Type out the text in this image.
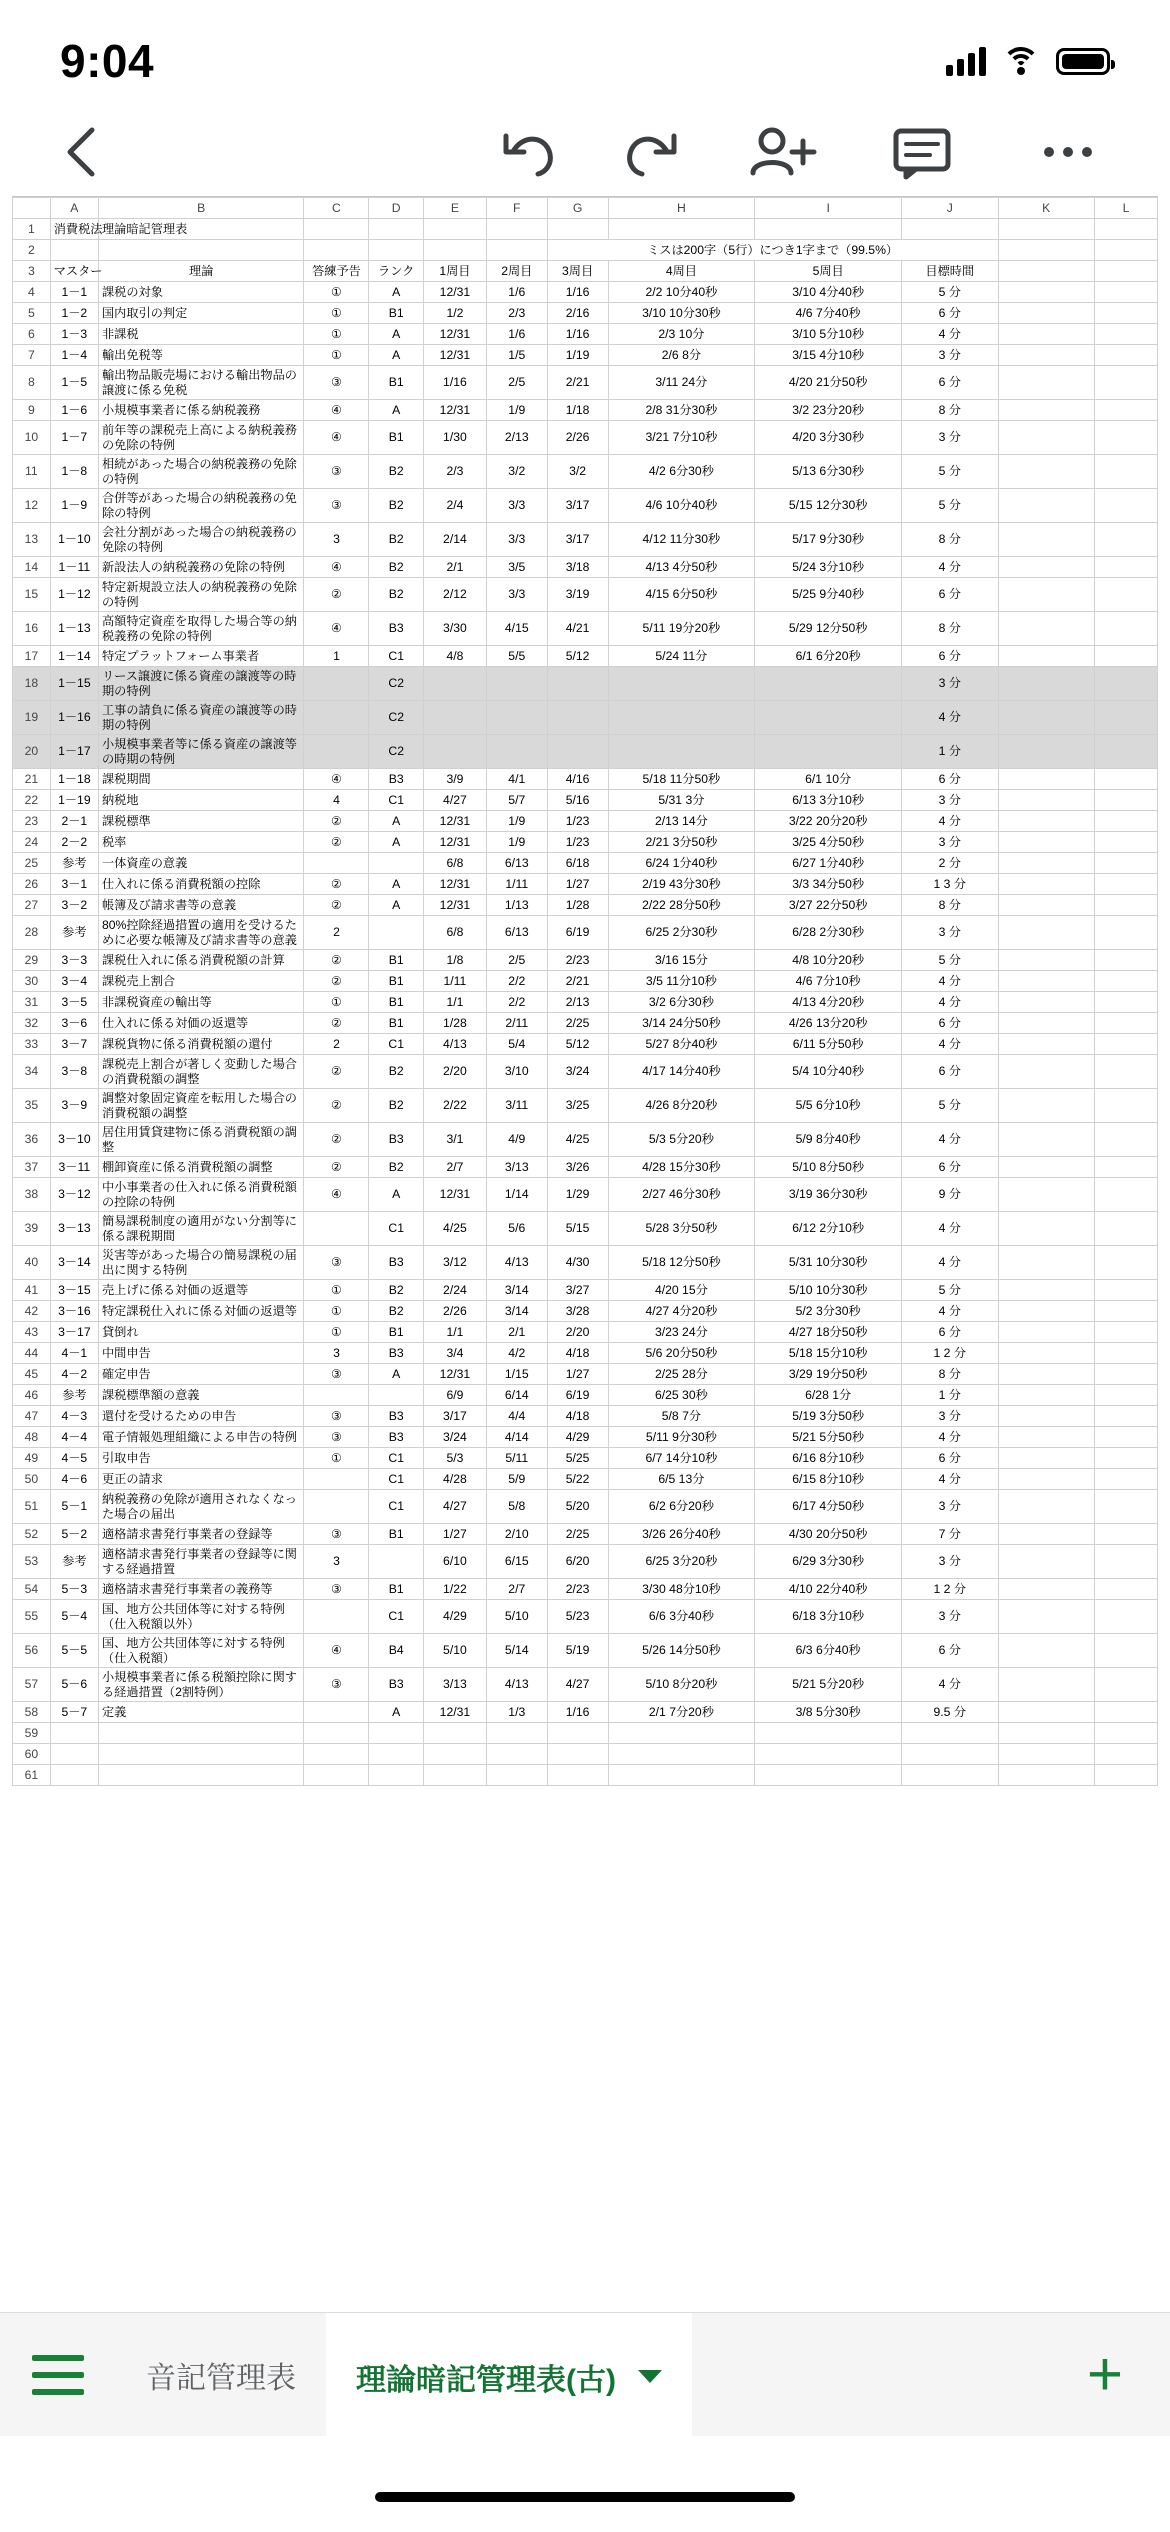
9:04
	A	B	C	D	E	F	G	H	I	J	K	L
1	消費税法	理論暗記管理表										
2							ミスは200字（5行）につき1字まで（99.5%）					
3	マスター	理論	答練予告	ランク	1周目	2周目	3周目	4周目	5周目	目標時間		
4	1－1	課税の対象	①	A	12/31	1/6	1/16	2/2 10分40秒	3/10 4分40秒	5 分		
5	1－2	国内取引の判定	①	B1	1/2	2/3	2/16	3/10 10分30秒	4/6 7分40秒	6 分		
6	1－3	非課税	①	A	12/31	1/6	1/16	2/3 10分	3/10 5分10秒	4 分		
7	1－4	輸出免税等	①	A	12/31	1/5	1/19	2/6 8分	3/15 4分10秒	3 分		
8	1－5	輸出物品販売場における輸出物品の譲渡に係る免税	③	B1	1/16	2/5	2/21	3/11 24分	4/20 21分50秒	6 分		
9	1－6	小規模事業者に係る納税義務	④	A	12/31	1/9	1/18	2/8 31分30秒	3/2 23分20秒	8 分		
10	1－7	前年等の課税売上高による納税義務の免除の特例	④	B1	1/30	2/13	2/26	3/21 7分10秒	4/20 3分30秒	3 分		
11	1－8	相続があった場合の納税義務の免除の特例	③	B2	2/3	3/2	3/2	4/2 6分30秒	5/13 6分30秒	5 分		
12	1－9	合併等があった場合の納税義務の免除の特例	③	B2	2/4	3/3	3/17	4/6 10分40秒	5/15 12分30秒	5 分		
13	1－10	会社分割があった場合の納税義務の免除の特例	3	B2	2/14	3/3	3/17	4/12 11分30秒	5/17 9分30秒	8 分		
14	1－11	新設法人の納税義務の免除の特例	④	B2	2/1	3/5	3/18	4/13 4分50秒	5/24 3分10秒	4 分		
15	1－12	特定新規設立法人の納税義務の免除の特例	②	B2	2/12	3/3	3/19	4/15 6分50秒	5/25 9分40秒	6 分		
16	1－13	高額特定資産を取得した場合等の納税義務の免除の特例	④	B3	3/30	4/15	4/21	5/11 19分20秒	5/29 12分50秒	8 分		
17	1－14	特定プラットフォーム事業者	1	C1	4/8	5/5	5/12	5/24 11分	6/1 6分20秒	6 分		
18	1－15	リース譲渡に係る資産の譲渡等の時期の特例		C2						3 分		
19	1－16	工事の請負に係る資産の譲渡等の時期の特例		C2						4 分		
20	1－17	小規模事業者等に係る資産の譲渡等の時期の特例		C2						1 分		
21	1－18	課税期間	④	B3	3/9	4/1	4/16	5/18 11分50秒	6/1 10分	6 分		
22	1－19	納税地	4	C1	4/27	5/7	5/16	5/31 3分	6/13 3分10秒	3 分		
23	2－1	課税標準	②	A	12/31	1/9	1/23	2/13 14分	3/22 20分20秒	4 分		
24	2－2	税率	②	A	12/31	1/9	1/23	2/21 3分50秒	3/25 4分50秒	3 分		
25	参考	一体資産の意義			6/8	6/13	6/18	6/24 1分40秒	6/27 1分40秒	2 分		
26	3－1	仕入れに係る消費税額の控除	②	A	12/31	1/11	1/27	2/19 43分30秒	3/3 34分50秒	1 3 分		
27	3－2	帳簿及び請求書等の意義	②	A	12/31	1/13	1/28	2/22 28分50秒	3/27 22分50秒	8 分		
28	参考	80%控除経過措置の適用を受けるために必要な帳簿及び請求書等の意義	2		6/8	6/13	6/19	6/25 2分30秒	6/28 2分30秒	3 分		
29	3－3	課税仕入れに係る消費税額の計算	②	B1	1/8	2/5	2/23	3/16 15分	4/8 10分20秒	5 分		
30	3－4	課税売上割合	②	B1	1/11	2/2	2/21	3/5 11分10秒	4/6 7分10秒	4 分		
31	3－5	非課税資産の輸出等	①	B1	1/1	2/2	2/13	3/2 6分30秒	4/13 4分20秒	4 分		
32	3－6	仕入れに係る対価の返還等	②	B1	1/28	2/11	2/25	3/14 24分50秒	4/26 13分20秒	6 分		
33	3－7	課税貨物に係る消費税額の還付	2	C1	4/13	5/4	5/12	5/27 8分40秒	6/11 5分50秒	4 分		
34	3－8	課税売上割合が著しく変動した場合の消費税額の調整	②	B2	2/20	3/10	3/24	4/17 14分40秒	5/4 10分40秒	6 分		
35	3－9	調整対象固定資産を転用した場合の消費税額の調整	②	B2	2/22	3/11	3/25	4/26 8分20秒	5/5 6分10秒	5 分		
36	3－10	居住用賃貸建物に係る消費税額の調整	②	B3	3/1	4/9	4/25	5/3 5分20秒	5/9 8分40秒	4 分		
37	3－11	棚卸資産に係る消費税額の調整	②	B2	2/7	3/13	3/26	4/28 15分30秒	5/10 8分50秒	6 分		
38	3－12	中小事業者の仕入れに係る消費税額の控除の特例	④	A	12/31	1/14	1/29	2/27 46分30秒	3/19 36分30秒	9 分		
39	3－13	簡易課税制度の適用がない分割等に係る課税期間		C1	4/25	5/6	5/15	5/28 3分50秒	6/12 2分10秒	4 分		
40	3－14	災害等があった場合の簡易課税の届出に関する特例	③	B3	3/12	4/13	4/30	5/18 12分50秒	5/31 10分30秒	4 分		
41	3－15	売上げに係る対価の返還等	①	B2	2/24	3/14	3/27	4/20 15分	5/10 10分30秒	5 分		
42	3－16	特定課税仕入れに係る対価の返還等	①	B2	2/26	3/14	3/28	4/27 4分20秒	5/2 3分30秒	4 分		
43	3－17	貸倒れ	①	B1	1/1	2/1	2/20	3/23 24分	4/27 18分50秒	6 分		
44	4－1	中間申告	3	B3	3/4	4/2	4/18	5/6 20分50秒	5/18 15分10秒	1 2 分		
45	4－2	確定申告	③	A	12/31	1/15	1/27	2/25 28分	3/29 19分50秒	8 分		
46	参考	課税標準額の意義			6/9	6/14	6/19	6/25 30秒	6/28 1分	1 分		
47	4－3	還付を受けるための申告	③	B3	3/17	4/4	4/18	5/8 7分	5/19 3分50秒	3 分		
48	4－4	電子情報処理組織による申告の特例	③	B3	3/24	4/14	4/29	5/11 9分30秒	5/21 5分50秒	4 分		
49	4－5	引取申告	①	C1	5/3	5/11	5/25	6/7 14分10秒	6/16 8分10秒	6 分		
50	4－6	更正の請求		C1	4/28	5/9	5/22	6/5 13分	6/15 8分10秒	4 分		
51	5－1	納税義務の免除が適用されなくなった場合の届出		C1	4/27	5/8	5/20	6/2 6分20秒	6/17 4分50秒	3 分		
52	5－2	適格請求書発行事業者の登録等	③	B1	1/27	2/10	2/25	3/26 26分40秒	4/30 20分50秒	7 分		
53	参考	適格請求書発行事業者の登録等に関する経過措置	3		6/10	6/15	6/20	6/25 3分20秒	6/29 3分30秒	3 分		
54	5－3	適格請求書発行事業者の義務等	③	B1	1/22	2/7	2/23	3/30 48分10秒	4/10 22分40秒	1 2 分		
55	5－4	国、地方公共団体等に対する特例（仕入税額以外）		C1	4/29	5/10	5/23	6/6 3分40秒	6/18 3分10秒	3 分		
56	5－5	国、地方公共団体等に対する特例（仕入税額）	④	B4	5/10	5/14	5/19	5/26 14分50秒	6/3 6分40秒	6 分		
57	5－6	小規模事業者に係る税額控除に関する経過措置（2割特例）	③	B3	3/13	4/13	4/27	5/10 8分20秒	5/21 5分20秒	4 分		
58	5－7	定義		A	12/31	1/3	1/16	2/1 7分20秒	3/8 5分30秒	9.5 分		
59												
60												
61												
音記管理表	理論暗記管理表(古)	+
